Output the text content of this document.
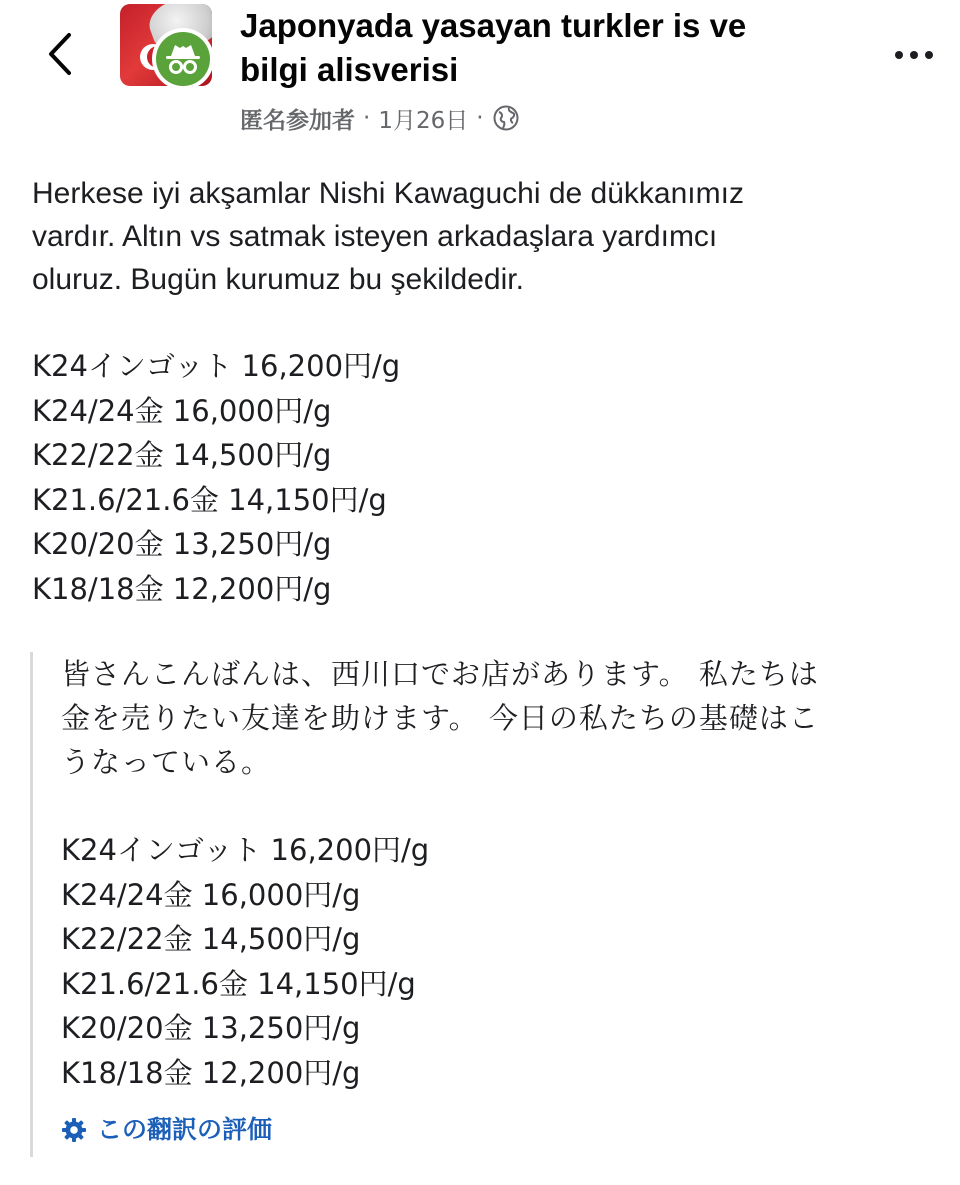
Japonyada yasayan turkler is ve
bilgi alisverisi
匿名参加者 · 1月26日 ·

Herkese iyi akşamlar Nishi Kawaguchi de dükkanımız

vardır. Altın vs satmak isteyen arkadaşlara yardımcı

oluruz. Bugün kurumuz bu şekildedir.

K24インゴット 16,200円/g
K24/24金 16,000円/g
K22/22金 14,500円/g
K21.6/21.6金 14,150円/g
K20/20金 13,250円/g
K18/18金 12,200円/g

皆さんこんばんは、西川口でお店があります。 私たちは

金を売りたい友達を助けます。 今日の私たちの基礎はこ

うなっている。

K24インゴット 16,200円/g
K24/24金 16,000円/g
K22/22金 14,500円/g
K21.6/21.6金 14,150円/g
K20/20金 13,250円/g
K18/18金 12,200円/g
この翻訳の評価
